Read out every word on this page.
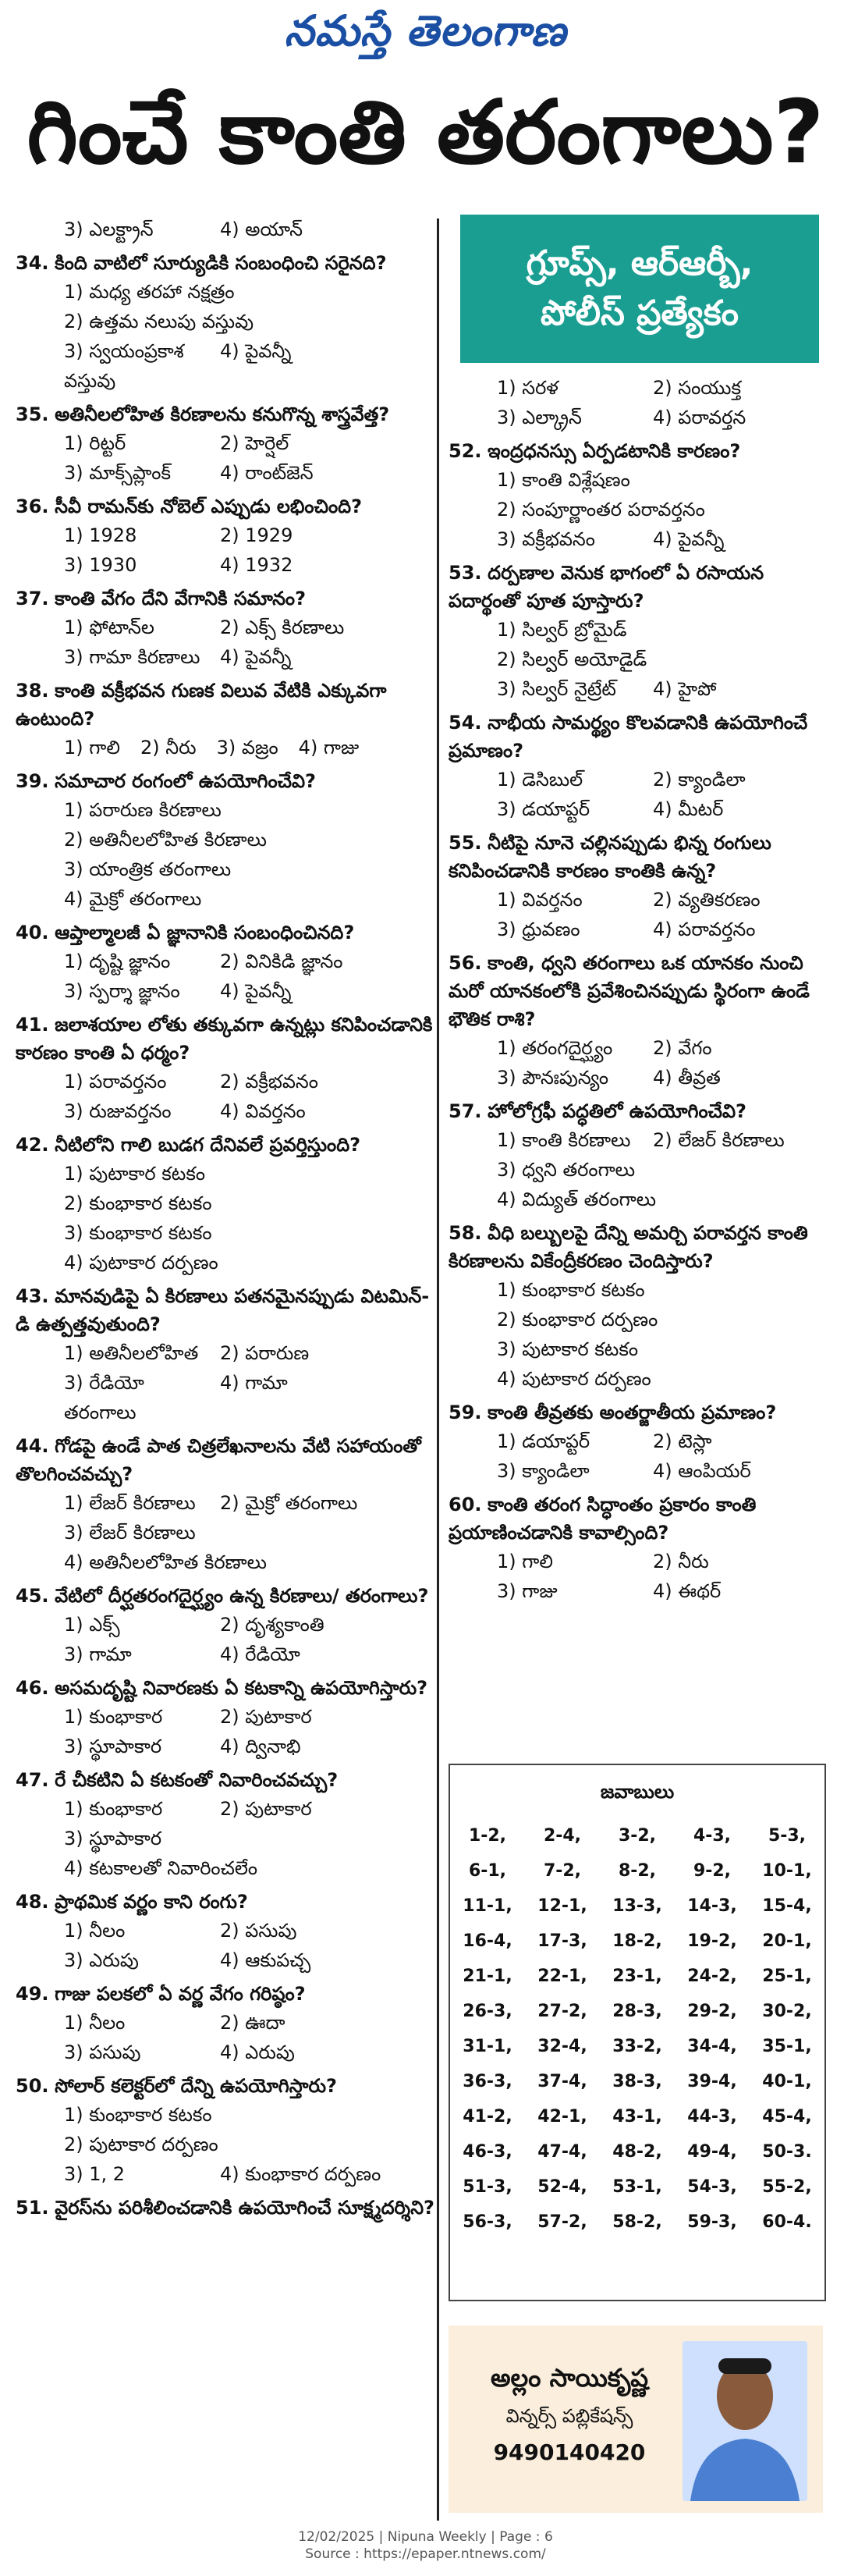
నమస్తే తెలంగాణ
గించే కాంతి తరంగాలు?
3) ఎలక్ట్రాన్	4) అయాన్
34. కింది వాటిలో సూర్యుడికి సంబంధించి సరైనది?
1) మధ్య తరహా నక్షత్రం
2) ఉత్తమ నలుపు వస్తువు
3) స్వయంప్రకాశ వస్తువు
4) పైవన్నీ
35. అతినీలలోహిత కిరణాలను కనుగొన్న శాస్త్రవేత్త?
1) రిట్టర్	2) హెర్షెల్
3) మాక్స్‌ప్లాంక్	4) రాంట్‌జెన్
36. సీవీ రామన్‌కు నోబెల్ ఎప్పుడు లభించింది?
1) 1928	2) 1929
3) 1930	4) 1932
37. కాంతి వేగం దేని వేగానికి సమానం?
1) ఫోటాన్‌ల	2) ఎక్స్ కిరణాలు
3) గామా కిరణాలు	4) పైవన్నీ
38. కాంతి వక్రీభవన గుణక విలువ వేటికి ఎక్కువగా ఉంటుంది?
1) గాలి 2) నీరు 3) వజ్రం 4) గాజు
39. సమాచార రంగంలో ఉపయోగించేవి?
1) పరారుణ కిరణాలు
2) అతినీలలోహిత కిరణాలు
3) యాంత్రిక తరంగాలు
4) మైక్రో తరంగాలు
40. ఆప్తాల్మాలజీ ఏ జ్ఞానానికి సంబంధించినది?
1) దృష్టి జ్ఞానం	2) వినికిడి జ్ఞానం
3) స్పర్శా జ్ఞానం	4) పైవన్నీ
41. జలాశయాల లోతు తక్కువగా ఉన్నట్లు కనిపించడానికి కారణం కాంతి ఏ ధర్మం?
1) పరావర్తనం	2) వక్రీభవనం
3) రుజువర్తనం	4) వివర్తనం
42. నీటిలోని గాలి బుడగ దేనివలే ప్రవర్తిస్తుంది?
1) పుటాకార కటకం
2) కుంభాకార కటకం
3) కుంభాకార కటకం
4) పుటాకార దర్పణం
43. మానవుడిపై ఏ కిరణాలు పతనమైనప్పుడు విటమిన్-డి ఉత్పత్తవుతుంది?
1) అతినీలలోహిత	2) పరారుణ
3) రేడియో తరంగాలు
4) గామా
44. గోడపై ఉండే పాత చిత్రలేఖనాలను వేటి సహాయంతో తొలగించవచ్చు?
1) లేజర్ కిరణాలు	2) మైక్రో తరంగాలు
3) లేజర్ కిరణాలు
4) అతినీలలోహిత కిరణాలు
45. వేటిలో దీర్ఘతరంగదైర్ఘ్యం ఉన్న కిరణాలు/ తరంగాలు?
1) ఎక్స్	2) దృశ్యకాంతి
3) గామా	4) రేడియో
46. అసమదృష్టి నివారణకు ఏ కటకాన్ని ఉపయోగిస్తారు?
1) కుంభాకార	2) పుటాకార
3) స్థూపాకార	4) ద్వినాభి
47. రే చీకటిని ఏ కటకంతో నివారించవచ్చు?
1) కుంభాకార	2) పుటాకార
3) స్థూపాకార
4) కటకాలతో నివారించలేం
48. ప్రాథమిక వర్ణం కాని రంగు?
1) నీలం	2) పసుపు
3) ఎరుపు	4) ఆకుపచ్చ
49. గాజు పలకలో ఏ వర్ణ వేగం గరిష్ఠం?
1) నీలం	2) ఊదా
3) పసుపు	4) ఎరుపు
50. సోలార్ కలెక్టర్‌లో దేన్ని ఉపయోగిస్తారు?
1) కుంభాకార కటకం
2) పుటాకార దర్పణం
3) 1, 2	4) కుంభాకార దర్పణం
51. వైరస్‌ను పరిశీలించడానికి ఉపయోగించే సూక్ష్మదర్శిని?
గ్రూప్స్, ఆర్ఆర్బీ,
పోలీస్ ప్రత్యేకం
1) సరళ	2) సంయుక్త
3) ఎల్క్రాన్	4) పరావర్తన
52. ఇంద్రధనస్సు ఏర్పడటానికి కారణం?
1) కాంతి విశ్లేషణం
2) సంపూర్ణాంతర పరావర్తనం
3) వక్రీభవనం	4) పైవన్నీ
53. దర్పణాల వెనుక భాగంలో ఏ రసాయన పదార్థంతో పూత పూస్తారు?
1) సిల్వర్ బ్రోమైడ్
2) సిల్వర్ అయోడైడ్
3) సిల్వర్ నైట్రేట్	4) హైపో
54. నాభీయ సామర్థ్యం కొలవడానికి ఉపయోగించే ప్రమాణం?
1) డెసిబుల్	2) క్యాండిలా
3) డయాప్టర్	4) మీటర్
55. నీటిపై నూనె చల్లినప్పుడు భిన్న రంగులు కనిపించడానికి కారణం కాంతికి ఉన్న?
1) వివర్తనం	2) వ్యతికరణం
3) ధ్రువణం	4) పరావర్తనం
56. కాంతి, ధ్వని తరంగాలు ఒక యానకం నుంచి మరో యానకంలోకి ప్రవేశించినప్పుడు స్థిరంగా ఉండే భౌతిక రాశి?
1) తరంగదైర్ఘ్యం	2) వేగం
3) పౌనఃపున్యం	4) తీవ్రత
57. హోలోగ్రఫీ పద్ధతిలో ఉపయోగించేవి?
1) కాంతి కిరణాలు	2) లేజర్ కిరణాలు
3) ధ్వని తరంగాలు
4) విద్యుత్ తరంగాలు
58. వీధి బల్బులపై దేన్ని అమర్చి పరావర్తన కాంతి కిరణాలను వికేంద్రీకరణం చెందిస్తారు?
1) కుంభాకార కటకం
2) కుంభాకార దర్పణం
3) పుటాకార కటకం
4) పుటాకార దర్పణం
59. కాంతి తీవ్రతకు అంతర్జాతీయ ప్రమాణం?
1) డయాప్టర్	2) టెస్లా
3) క్యాండిలా	4) ఆంపియర్
60. కాంతి తరంగ సిద్ధాంతం ప్రకారం కాంతి ప్రయాణించడానికి కావాల్సింది?
1) గాలి	2) నీరు
3) గాజు	4) ఈథర్
జవాబులు
1-2,	2-4,	3-2,	4-3,	5-3,
6-1,	7-2,	8-2,	9-2,	10-1,
11-1,	12-1,	13-3,	14-3,	15-4,
16-4,	17-3,	18-2,	19-2,	20-1,
21-1,	22-1,	23-1,	24-2,	25-1,
26-3,	27-2,	28-3,	29-2,	30-2,
31-1,	32-4,	33-2,	34-4,	35-1,
36-3,	37-4,	38-3,	39-4,	40-1,
41-2,	42-1,	43-1,	44-3,	45-4,
46-3,	47-4,	48-2,	49-4,	50-3.
51-3,	52-4,	53-1,	54-3,	55-2,
56-3,	57-2,	58-2,	59-3,	60-4.
అల్లం సాయికృష్ణ
విన్నర్స్ పబ్లికేషన్స్
9490140420
12/02/2025 | Nipuna Weekly | Page : 6
Source : https://epaper.ntnews.com/
